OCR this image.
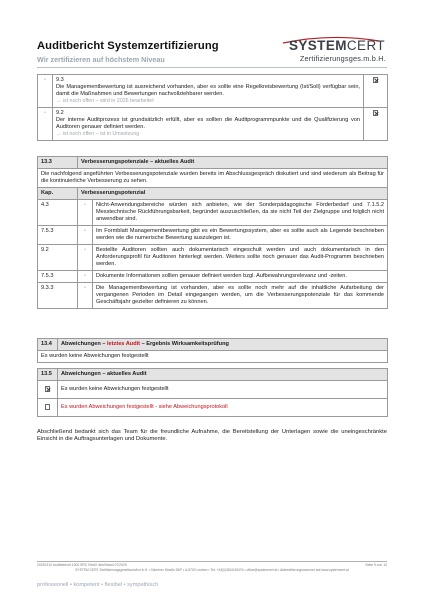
Auditbericht Systemzertifizierung
Wir zertifizieren auf höchstem Niveau
SYSTEMCERT
Zertifizierungsges.m.b.H.
◦	9.3
Die Managementbewertung ist ausreichend vorhanden, aber es sollte eine Regelkreisbewertung (Ist/Soll) verfügbar sein, damit die Maßnahmen und Bewertungen nachvollziehbarer werden.
→ ist noch offen – wird in 2026 bearbeitet	

◦	9.2
Der interne Auditprozess ist grundsätzlich erfüllt, aber es sollten die Auditprogrammpunkte und die Qualifizierung von Auditoren genauer definiert werden.
→ ist noch offen – ist in Umsetzung	

13.3	Verbesserungspotenziale – aktuelles Audit	
Die nachfolgend angeführten Verbesserungspotenziale wurden bereits im Abschlussgespräch diskutiert und sind wiederum als Beitrag für die kontinuierliche Verbesserung zu sehen.		
Kap.	Verbesserungspotenzial	
4.3	◦	Nicht-Anwendungsbereiche würden sich anbieten, wie der Sonderpädagogische Förderbedarf und 7.1.5.2 Messtechnische Rückführungsbarkeit, begründet auszuschließen, da sie nicht Teil der Zielgruppe und folglich nicht anwendbar sind.
7.5.3	◦	Im Formblatt Managementbewertung gibt es ein Bewertungssystem, aber es sollte auch als Legende beschrieben werden wie die numerische Bewertung auszulegen ist.
9.2	◦	Bestellte Auditoren sollten auch dokumentarisch eingeschult werden und auch dokumentarisch in den Anforderungsprofil für Auditoren hinterlegt werden. Weiters sollte noch genauer das Audit-Programm beschrieben werden.
7.5.3	◦	Dokumente Informationen sollten genauer definiert werden bzgl. Aufbewahrungsrelevanz und -zeiten.
9.3.3	◦	Die Managementbewertung ist vorhanden, aber es sollte noch mehr auf die inhaltliche Aufarbeitung der vergangenen Perioden im Detail eingegangen werden, um die Verbesserungspotenziale für das kommende Geschäftsjahr gezielter definieren zu können.
13.4	Abweichungen – letztes Audit – Ergebnis Wirksamkeitsprüfung
Es wurden keine Abweichungen festgestellt
13.5	Abweichungen – aktuelles Audit
	Es wurden keine Abweichungen festgestellt
	Es wurden Abweichungen festgestellt - siehe Abweichungsprotokoll
Abschließend bedankt sich das Team für die freundliche Aufnahme, die Bereitstellung der Unterlagen sowie die uneingeschränkte Einsicht in die Auftragsunterlagen und Dokumente.
20251310 Auditbericht 1500 SRC RevI0 dtm/Stand 07/2025	Seite 9 von 10
SYSTEM CERT Zertifizierungsgesellschaft m.b.H. • Kärntner Straße 28/F • A-8700 Leoben • Tel: +43(0)3842/49476 • office@systemcert.at • Akkreditierungsnummer auf www.systemcert.at
professionell • kompetent • flexibel • sympathisch
